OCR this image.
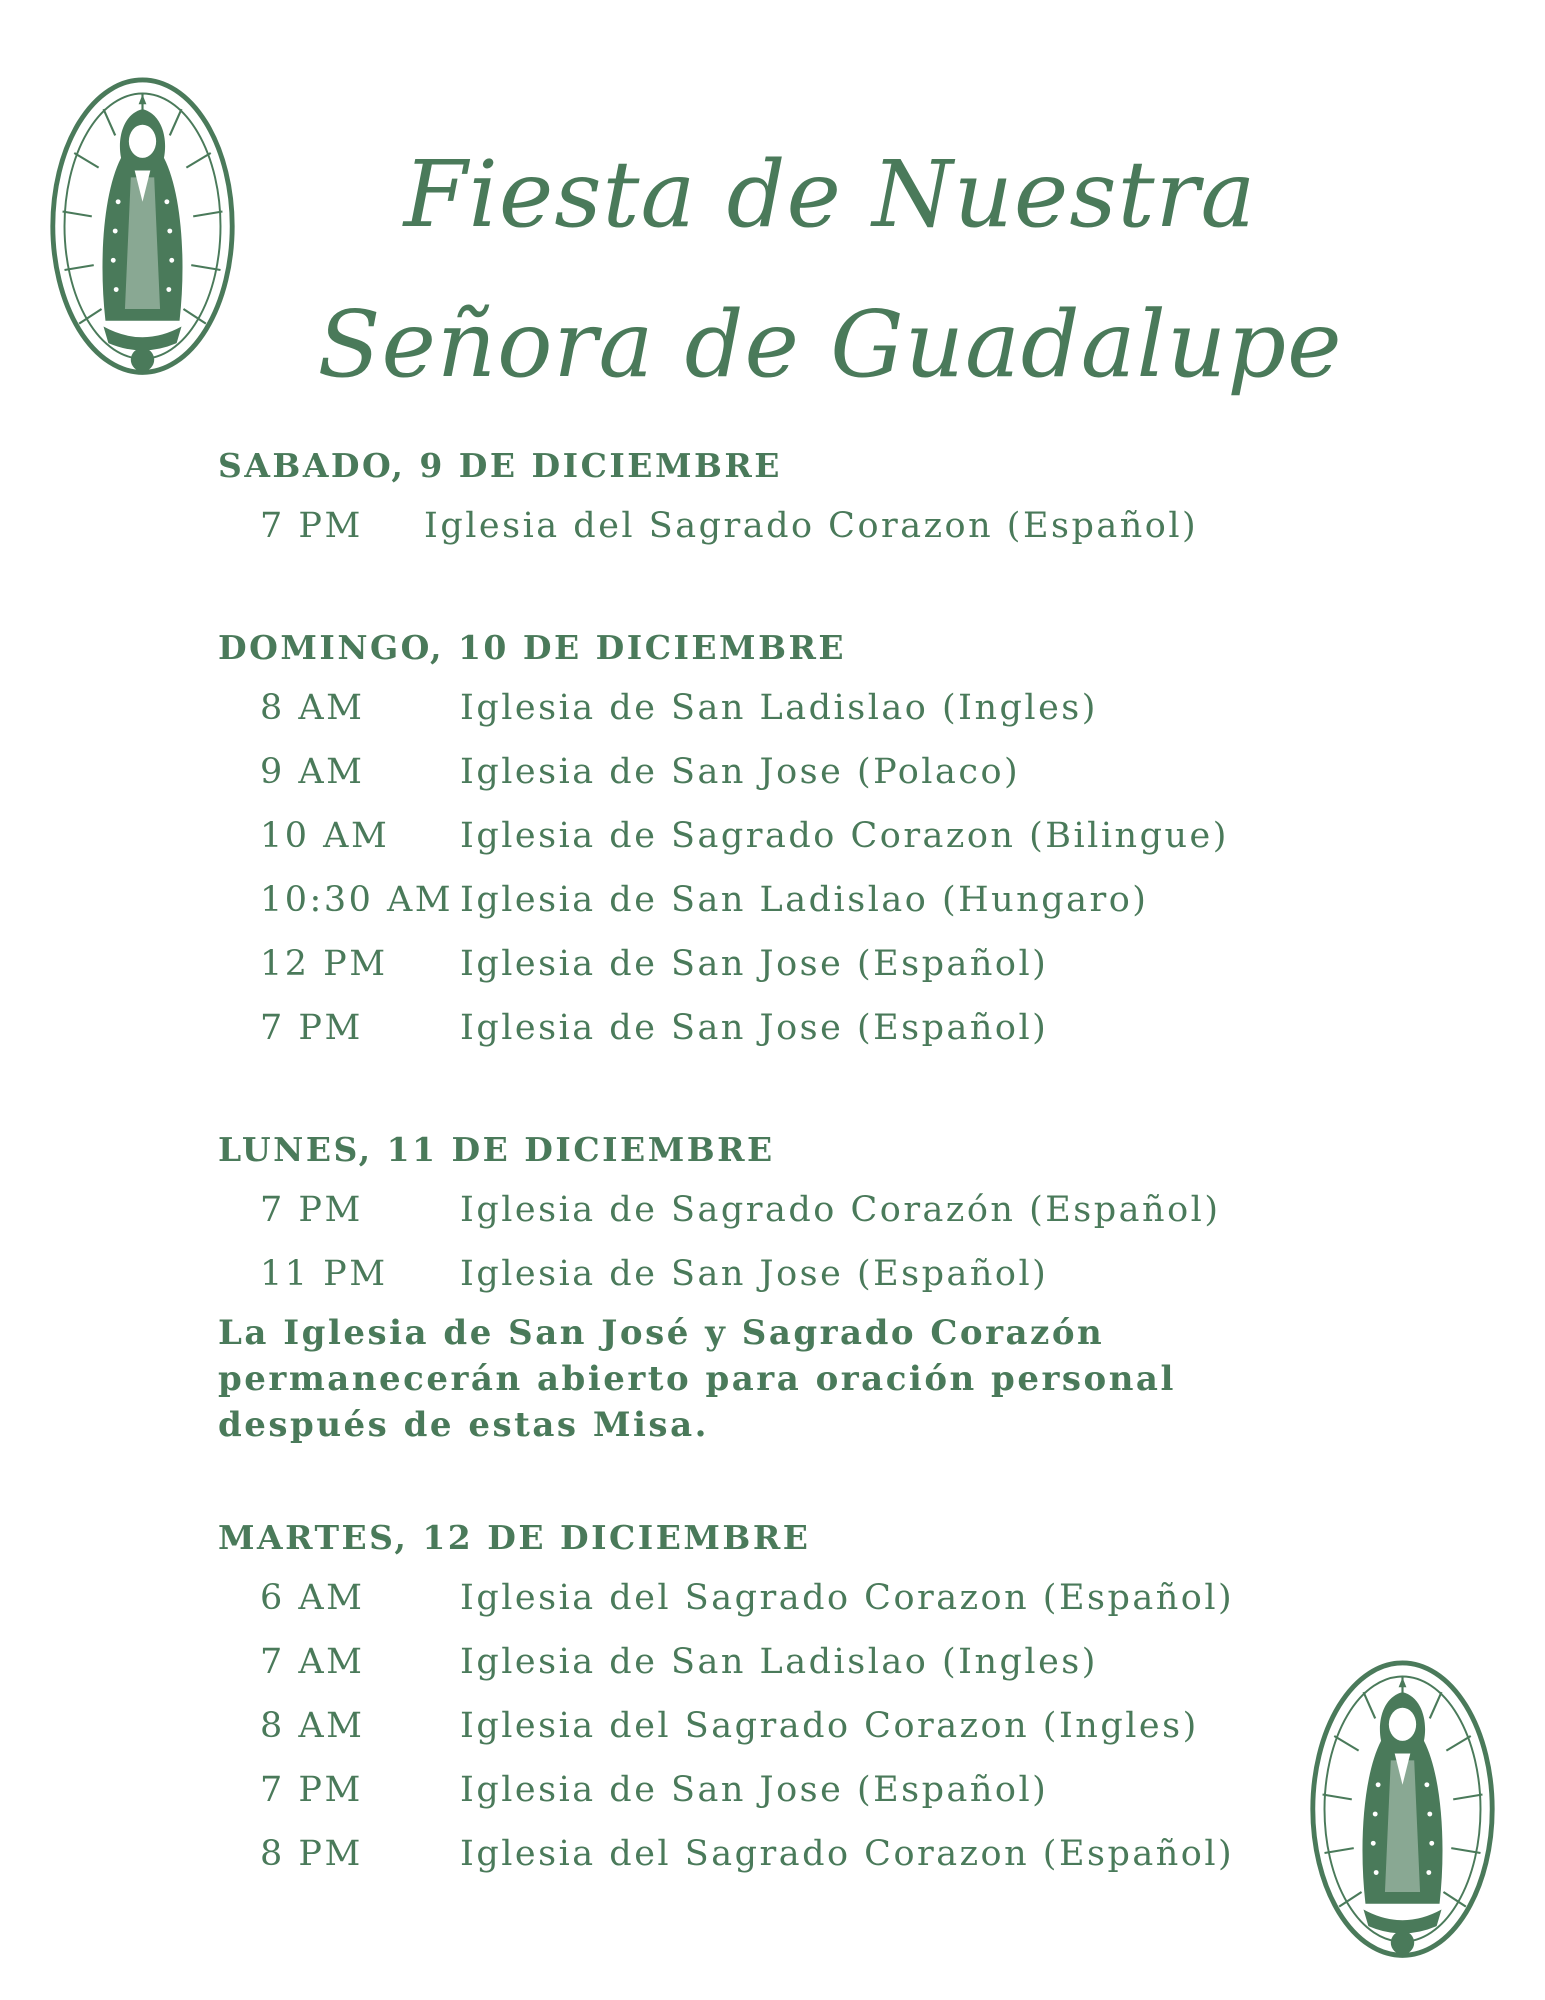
Fiesta de Nuestra Señora de Guadalupe
SABADO, 9 DE DICIEMBRE
7 PM	Iglesia del Sagrado Corazon (Español)
DOMINGO, 10 DE DICIEMBRE
8 AM	Iglesia de San Ladislao (Ingles)
9 AM	Iglesia de San Jose (Polaco)
10 AM	Iglesia de Sagrado Corazon (Bilingue)
10:30 AM Iglesia de San Ladislao (Hungaro)
12 PM	Iglesia de San Jose (Español)
7 PM	Iglesia de San Jose (Español)
LUNES, 11 DE DICIEMBRE
7 PM	Iglesia de Sagrado Corazón (Español)
11 PM	Iglesia de San Jose (Español)
La Iglesia de San José y Sagrado Corazón permanecerán abierto para oración personal después de estas Misa.
MARTES, 12 DE DICIEMBRE
6 AM	Iglesia del Sagrado Corazon (Español)
7 AM	Iglesia de San Ladislao (Ingles)
8 AM	Iglesia del Sagrado Corazon (Ingles)
7 PM	Iglesia de San Jose (Español)
8 PM	Iglesia del Sagrado Corazon (Español)
